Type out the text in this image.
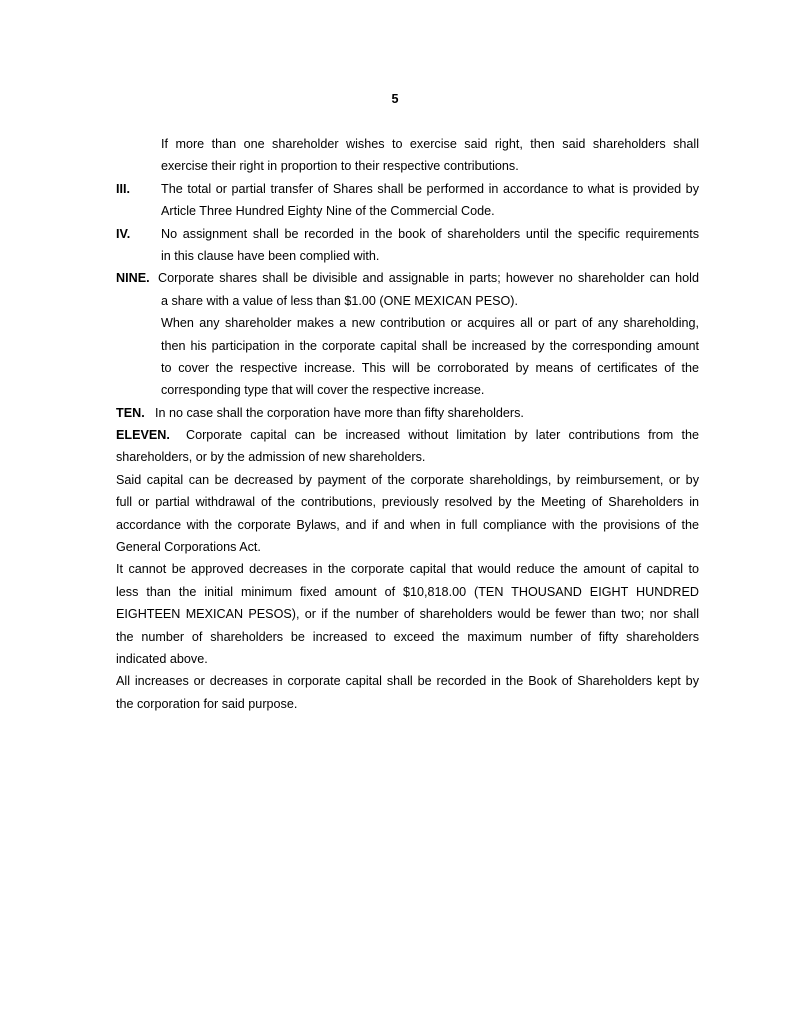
5
If more than one shareholder wishes to exercise said right, then said shareholders shall
exercise their right in proportion to their respective contributions.
III. The total or partial transfer of Shares shall be performed in accordance to what is provided by
Article Three Hundred Eighty Nine of the Commercial Code.
IV. No assignment shall be recorded in the book of shareholders until the specific requirements
in this clause have been complied with.
NINE. Corporate shares shall be divisible and assignable in parts; however no shareholder can hold
a share with a value of less than $1.00 (ONE MEXICAN PESO).
When any shareholder makes a new contribution or acquires all or part of any shareholding,
then his participation in the corporate capital shall be increased by the corresponding amount
to cover the respective increase. This will be corroborated by means of certificates of the
corresponding type that will cover the respective increase.
TEN. In no case shall the corporation have more than fifty shareholders.
ELEVEN. Corporate capital can be increased without limitation by later contributions from the
shareholders, or by the admission of new shareholders.
Said capital can be decreased by payment of the corporate shareholdings, by reimbursement, or by
full or partial withdrawal of the contributions, previously resolved by the Meeting of Shareholders in
accordance with the corporate Bylaws, and if and when in full compliance with the provisions of the
General Corporations Act.
It cannot be approved decreases in the corporate capital that would reduce the amount of capital to
less than the initial minimum fixed amount of $10,818.00 (TEN THOUSAND EIGHT HUNDRED
EIGHTEEN MEXICAN PESOS), or if the number of shareholders would be fewer than two; nor shall
the number of shareholders be increased to exceed the maximum number of fifty shareholders
indicated above.
All increases or decreases in corporate capital shall be recorded in the Book of Shareholders kept by
the corporation for said purpose.
